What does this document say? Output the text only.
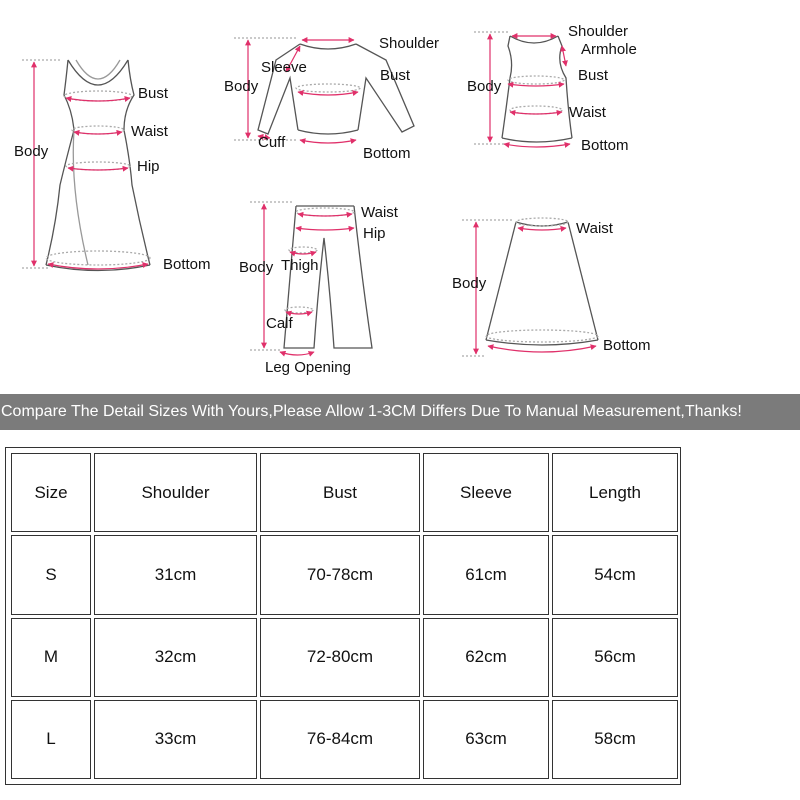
Bust
Waist
Body
Hip
Bottom
Shoulder
Sleeve	Bust
Body
Cuff
Bottom
Shoulder
Armhole
Bust
Body
Waist
Bottom
Waist
Hip
Body Thigh
Calf
Leg Opening
Waist
Body
Bottom
Compare The Detail Sizes With Yours,Please Allow 1-3CM Differs Due To Manual Measurement,Thanks!
Size	Shoulder	Bust	Sleeve	Length
S	31cm	70-78cm	61cm	54cm
M	32cm	72-80cm	62cm	56cm
L	33cm	76-84cm	63cm	58cm
